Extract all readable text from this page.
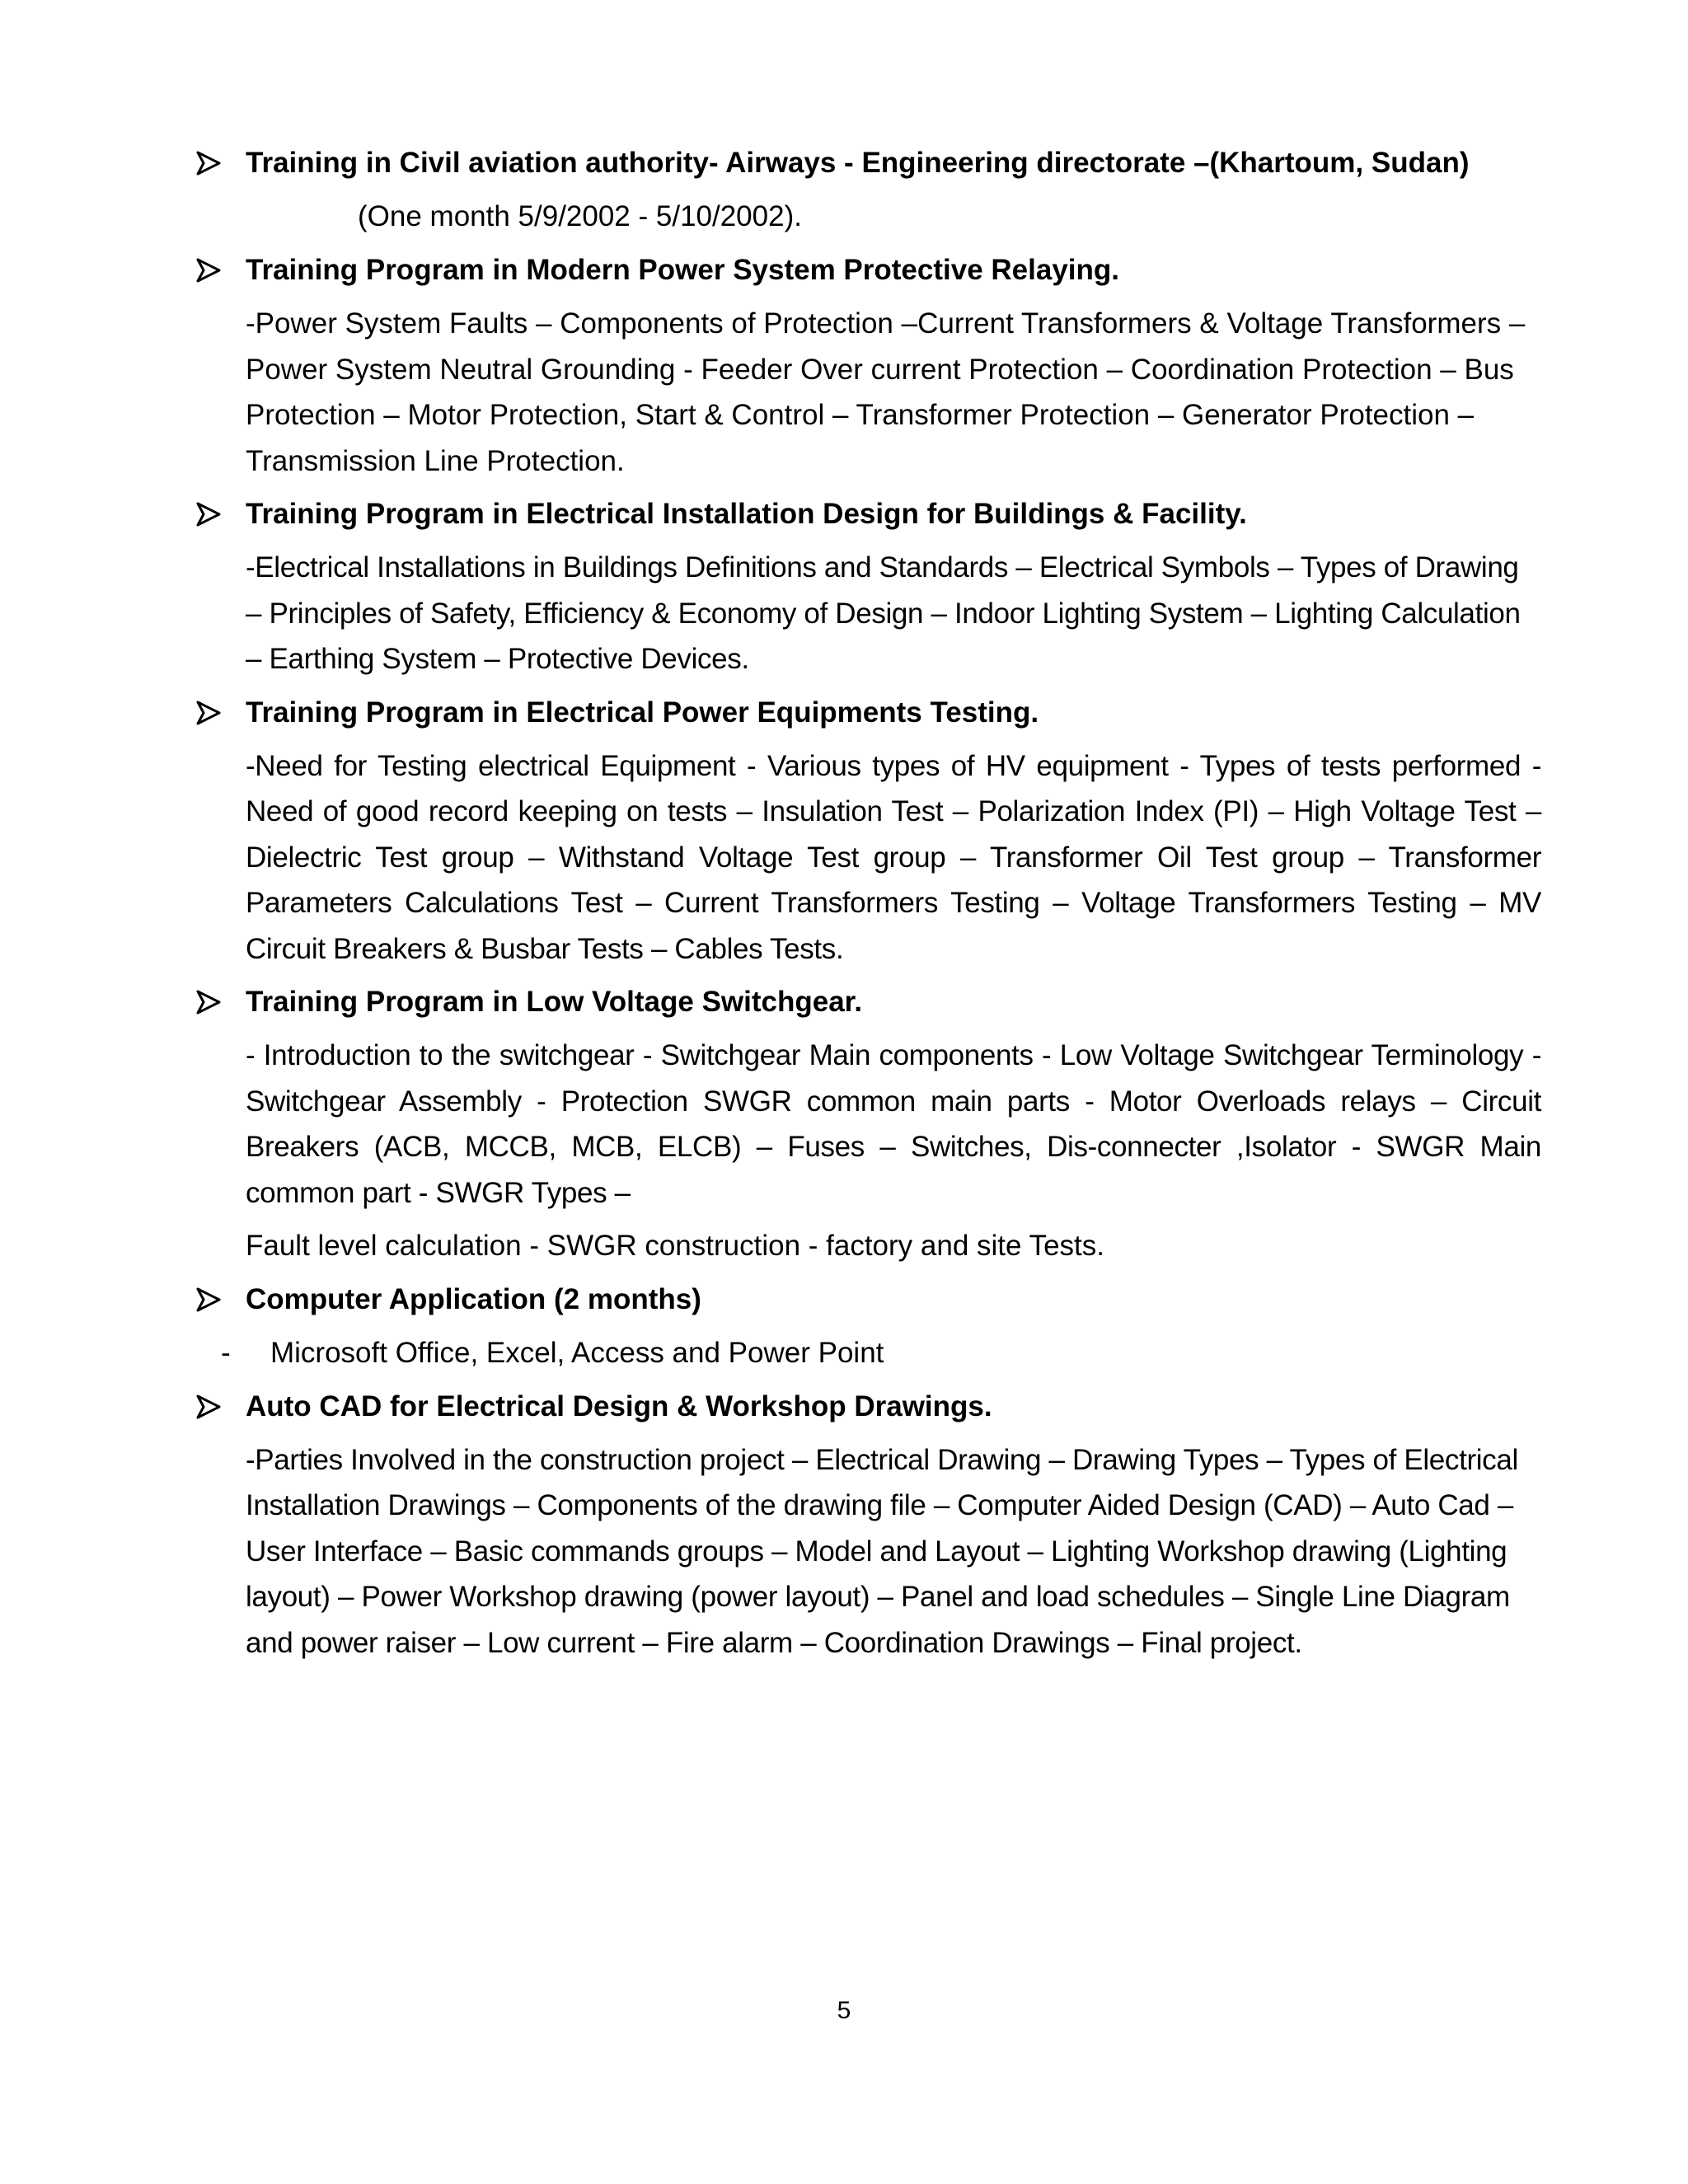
Training in Civil aviation authority- Airways - Engineering directorate –(Khartoum, Sudan)
(One month 5/9/2002 - 5/10/2002).
Training Program in Modern Power System Protective Relaying.

-Power System Faults – Components of Protection –Current Transformers & Voltage Transformers – Power System Neutral Grounding - Feeder Over current Protection – Coordination Protection – Bus Protection – Motor Protection, Start & Control – Transformer Protection – Generator Protection – Transmission Line Protection.

Training Program in Electrical Installation Design for Buildings & Facility.

-Electrical Installations in Buildings Definitions and Standards – Electrical Symbols – Types of Drawing – Principles of Safety, Efficiency & Economy of Design – Indoor Lighting System – Lighting Calculation – Earthing System – Protective Devices.

Training Program in Electrical Power Equipments Testing.

-Need for Testing electrical Equipment - Various types of HV equipment - Types of tests performed - Need of good record keeping on tests – Insulation Test – Polarization Index (PI) – High Voltage Test – Dielectric Test group – Withstand Voltage Test group – Transformer Oil Test group – Transformer Parameters Calculations Test – Current Transformers Testing – Voltage Transformers Testing – MV Circuit Breakers & Busbar Tests – Cables Tests.

Training Program in Low Voltage Switchgear.

- Introduction to the switchgear - Switchgear Main components - Low Voltage Switchgear Terminology - Switchgear Assembly - Protection SWGR common main parts - Motor Overloads relays – Circuit Breakers (ACB, MCCB, MCB, ELCB) – Fuses – Switches, Dis-connecter ,Isolator - SWGR Main common part - SWGR Types –

Fault level calculation - SWGR construction - factory and site Tests.

Computer Application (2 months)
- Microsoft Office, Excel, Access and Power Point
Auto CAD for Electrical Design & Workshop Drawings.

-Parties Involved in the construction project – Electrical Drawing – Drawing Types – Types of Electrical Installation Drawings – Components of the drawing file – Computer Aided Design (CAD) – Auto Cad – User Interface – Basic commands groups – Model and Layout – Lighting Workshop drawing (Lighting layout) – Power Workshop drawing (power layout) – Panel and load schedules – Single Line Diagram and power raiser – Low current – Fire alarm – Coordination Drawings – Final project.

5
